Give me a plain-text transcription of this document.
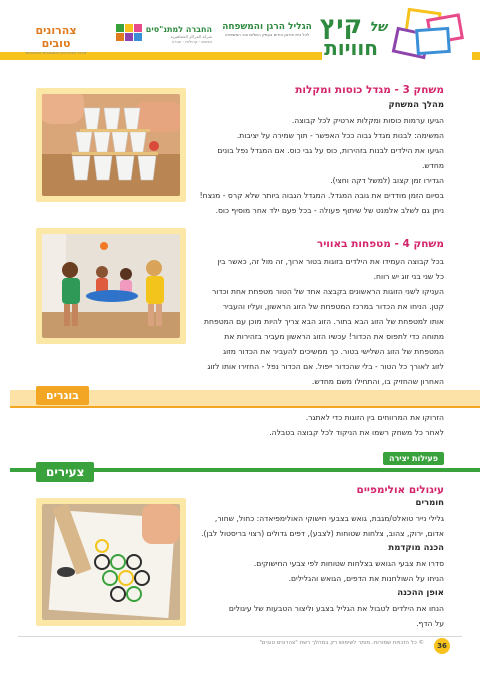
קיץ של
חוויות
הגליל הרגן והמשפחה
לכל בית אירגון הורים בעמק השלום ובני המשפחה
החברה למתנ"סים
شركة المراكز الجماهيرية
אנשים · קהילות · חברה
צהרונים טובים
מרכז הצהרונים והמסגרות החינוכיות
משחק 3 - מגדל כוסות ומקלות
מהלך המשחק
הגיעו ערמות כוסות ומקלות ארטיק לכל קבוצה.
המשימה: לבנות מגדל גבוה ככל האפשר - תוך שמירה על יציבות.
הגיעו את הילדים לבנות בזהירות, כוס על גבי כוס. אם המגדל נפל בונים מחדש.
הגדירו זמן קצוב (למשל דקה וחצי).
בסיום הזמן מודדים את גובה המגדל. המגדל הגבוה ביותר שלא קרס - מנצח!
ניתן גם לשלב אלמנט של שיתוף פעולה - בכל פעם ילד אחר מוסיף כוס.
משחק 4 - מטפחות באוויר
בכל קבוצה העמידו את הילדים בזוגות בטור ארוך, זה מול זה, כאשר בין
כל שני בני זוג יש רווח.
העניקו לשני הזוגות הראשונים בקבצה אחד של הטור מטפחת אחת וכדור
קטן. הניחו את הכדור במרכז המטפחת של הזוג הראשון, ועליו והעביר
אותו למטפחת של הזוג הבא בתור. הזוג הבא צריך להיות מוכן עם המטפחת
מתוחה כדי לתפוס את הכדור! עכשיו הזוג הראשון מעביר בזהירות את
המטפחת של הזוג השלישי בטור. כך ממשיכים להעביר את הכדור מזוג
לזוג לאורך כל הטור - בלי שהכדור ייפול. אם הכדור נפל - החזירו אותו לזוג
האחרון שהחזיק בו, והתחילו משם מחדש.
בוגרים
הזרוקו את המרווחים בין הזוגות כדי לאתגר.
לאחר כל משחק רשמו את הניקוד לכל קבוצה בטבלה.
פעילות יצירה
צעירים
עיגולים אולימפיים
חומרים
גלילי נייר טואלט/מגבת, גואש בצבעי חישוקי האולימפיאדה: כחול, שחור,
אדום, ירוק, צהוב, צלחות שטוחות (לצבע), דפים גדולים (רצוי בריסטול לבן).
הכנה מוקדמת
סדרו את צבעי הגואש בצלחות שטוחות לפי צבעי החישוקים.
הניחו על השולחנות את הדפים, הגואש והגלילים.
אופן ההכנה
הנחו את הילדים לטבול את הגליל בצבע וליצור הטבעות של עיגולים
על הדף.
© כל הזכויות שמורות. מותר לשימוש רק במהלך רשת "צהרונים טובים"	36
